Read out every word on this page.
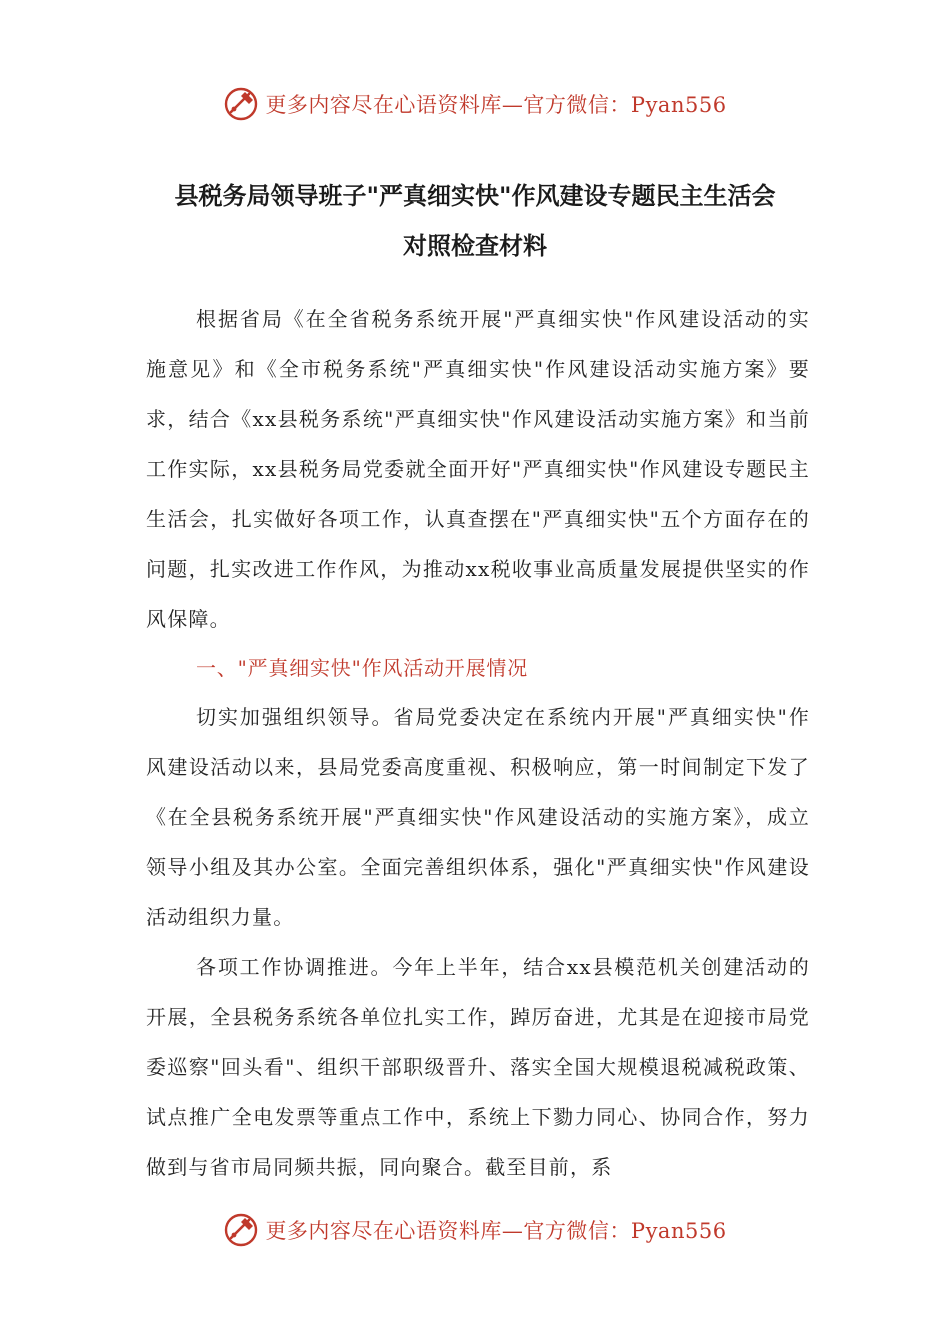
更多内容尽在心语资料库—官方微信：Pyan556
县税务局领导班子"严真细实快"作风建设专题民主生活会
对照检查材料

根据省局《在全省税务系统开展"严真细实快"作风建设活动的实施意见》和《全市税务系统"严真细实快"作风建设活动实施方案》要求，结合《xx县税务系统"严真细实快"作风建设活动实施方案》和当前工作实际，xx县税务局党委就全面开好"严真细实快"作风建设专题民主生活会，扎实做好各项工作，认真查摆在"严真细实快"五个方面存在的问题，扎实改进工作作风，为推动xx税收事业高质量发展提供坚实的作风保障。

一、"严真细实快"作风活动开展情况

切实加强组织领导。省局党委决定在系统内开展"严真细实快"作风建设活动以来，县局党委高度重视、积极响应，第一时间制定下发了《在全县税务系统开展"严真细实快"作风建设活动的实施方案》，成立领导小组及其办公室。全面完善组织体系，强化"严真细实快"作风建设活动组织力量。

各项工作协调推进。今年上半年，结合xx县模范机关创建活动的开展，全县税务系统各单位扎实工作，踔厉奋进，尤其是在迎接市局党委巡察"回头看"、组织干部职级晋升、落实全国大规模退税减税政策、试点推广全电发票等重点工作中，系统上下勠力同心、协同合作，努力做到与省市局同频共振，同向聚合。截至目前，系

更多内容尽在心语资料库—官方微信：Pyan556
